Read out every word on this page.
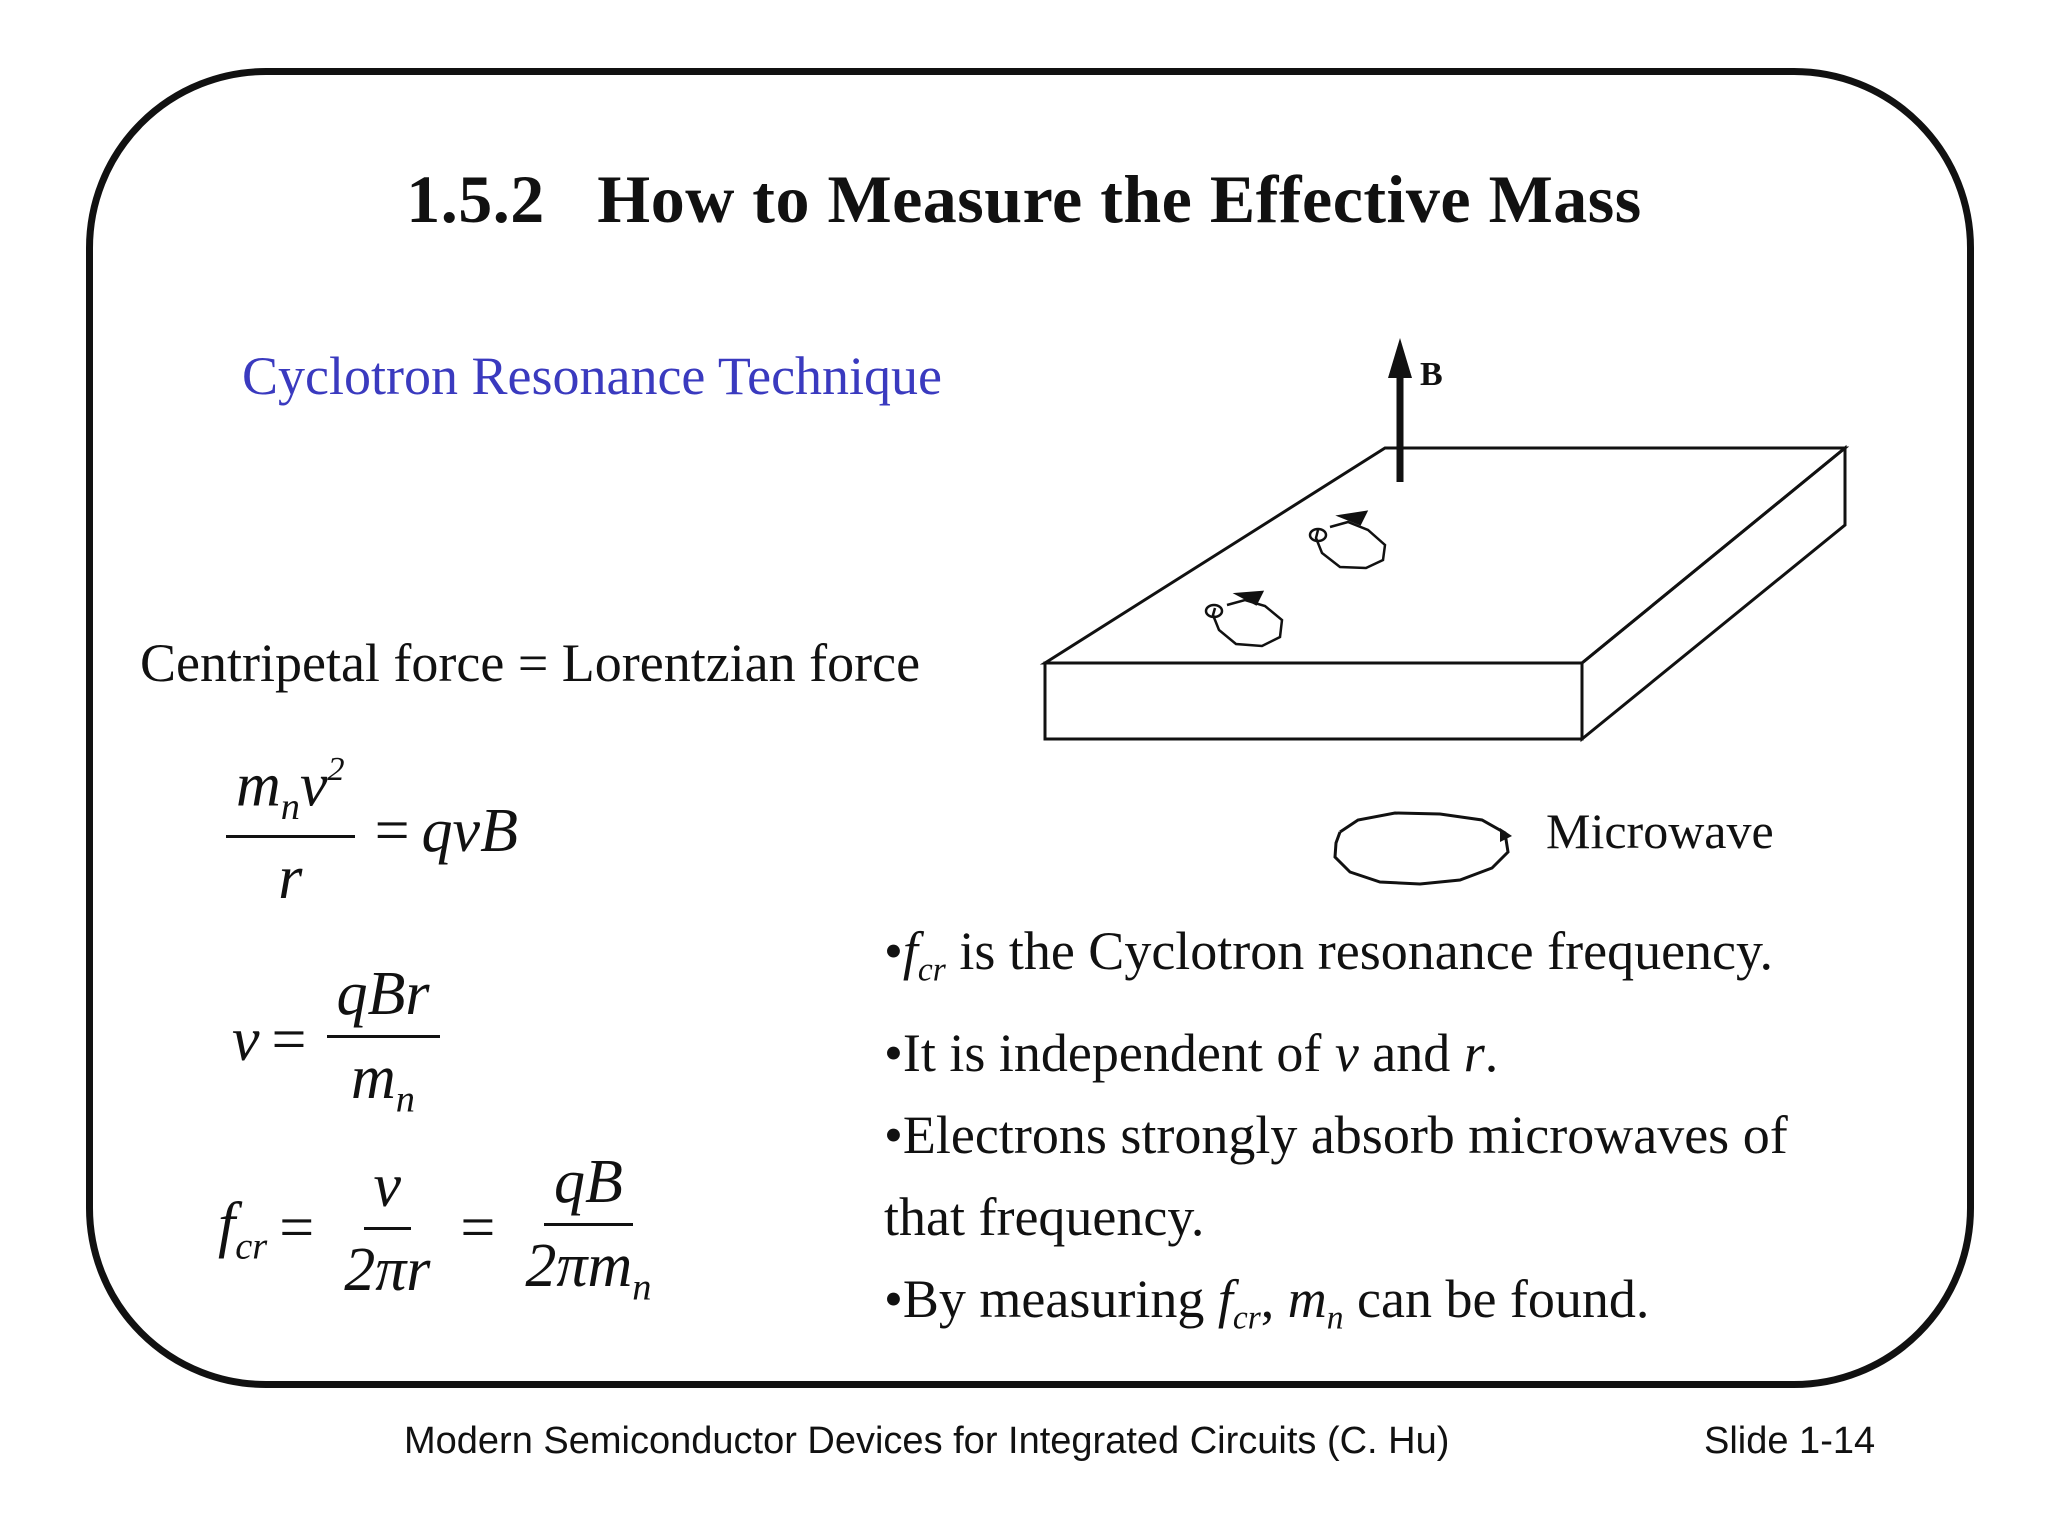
1.5.2   How to Measure the Effective Mass
Cyclotron Resonance Technique
Centripetal force = Lorentzian force
$\frac{m_nv^2}{r}$ = qvB
$v = \frac{\text{qBr}}{m_n}$
$f_{cr} = \frac{v}{2\pi r} = \frac{qB}{2\pi m_n}$
B
Microwave
$•f_{cr}$ is the Cyclotron resonance frequency.
•It is independent of v and r.
•Electrons strongly absorb microwaves of
that frequency.
•By measuring $f_{cr}$, $m_n$ can be found.
Modern Semiconductor Devices for Integrated Circuits (C. Hu)	Slide 1-14
